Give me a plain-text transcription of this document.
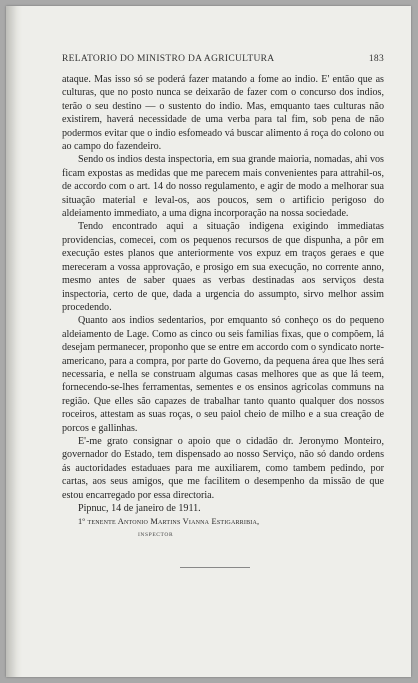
RELATORIO DO MINISTRO DA AGRICULTURA	183

ataque. Mas isso só se poderá fazer matando a fome ao indio. E' então que as culturas, que no posto nunca se deixarão de fazer com o concurso dos indios, terão o seu destino — o sustento do indio. Mas, emquanto taes culturas não existirem, haverá necessidade de uma verba para tal fim, sob pena de não podermos evitar que o indio esfomeado vá buscar alimento á roça do colono ou ao campo do fazendeiro.

Sendo os indios desta inspectoria, em sua grande maioria, nomadas, ahi vos ficam expostas as medidas que me parecem mais convenientes para attrahil-os, de accordo com o art. 14 do nosso regulamento, e agir de modo a melhorar sua situação material e leval-os, aos poucos, sem o artificio perigoso do aldeiamento immediato, a uma digna incorporação na nossa sociedade.

Tendo encontrado aqui a situação indigena exigindo immediatas providencias, comecei, com os pequenos recursos de que dispunha, a pôr em execução estes planos que anteriormente vos expuz em traços geraes e que mereceram a vossa approvação, e prosigo em sua execução, no corrente anno, mesmo antes de saber quaes as verbas destinadas aos serviços desta inspectoria, certo de que, dada a urgencia do assumpto, sirvo melhor assim procedendo.

Quanto aos indios sedentarios, por emquanto só conheço os do pequeno aldeiamento de Lage. Como as cinco ou seis familias fixas, que o compõem, lá desejam permanecer, proponho que se entre em accordo com o syndicato norte-americano, para a compra, por parte do Governo, da pequena área que lhes será necessaria, e nella se construam algumas casas melhores que as que lá teem, fornecendo-se-lhes ferramentas, sementes e os ensinos agricolas communs na região. Que elles são capazes de trabalhar tanto quanto qualquer dos nossos roceiros, attestam as suas roças, o seu paiol cheio de milho e a sua creação de porcos e gallinhas.

E'-me grato consignar o apoio que o cidadão dr. Jeronymo Monteiro, governador do Estado, tem dispensado ao nosso Serviço, não só dando ordens ás auctoridades estaduaes para me auxiliarem, como tambem pedindo, por cartas, aos seus amigos, que me facilitem o desempenho da missão de que estou encarregado por essa directoria.

Pipnuc, 14 de janeiro de 1911.

1º tenente Antonio Martins Vianna Estigarribia,

INSPECTOR
